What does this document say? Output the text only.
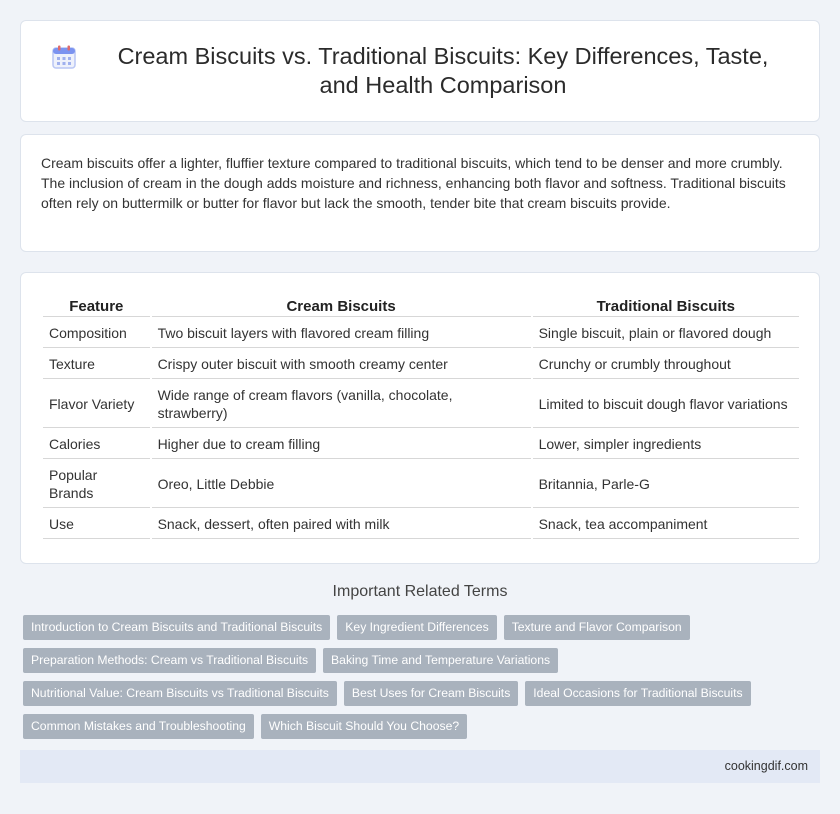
Cream Biscuits vs. Traditional Biscuits: Key Differences, Taste, and Health Comparison

Cream biscuits offer a lighter, fluffier texture compared to traditional biscuits, which tend to be denser and more crumbly. The inclusion of cream in the dough adds moisture and richness, enhancing both flavor and softness. Traditional biscuits often rely on buttermilk or butter for flavor but lack the smooth, tender bite that cream biscuits provide.

Feature	Cream Biscuits	Traditional Biscuits
Composition	Two biscuit layers with flavored cream filling	Single biscuit, plain or flavored dough
Texture	Crispy outer biscuit with smooth creamy center	Crunchy or crumbly throughout
Flavor Variety	Wide range of cream flavors (vanilla, chocolate, strawberry)	Limited to biscuit dough flavor variations
Calories	Higher due to cream filling	Lower, simpler ingredients
Popular Brands	Oreo, Little Debbie	Britannia, Parle-G
Use	Snack, dessert, often paired with milk	Snack, tea accompaniment
Important Related Terms
Introduction to Cream Biscuits and Traditional Biscuits	Key Ingredient Differences	Texture and Flavor Comparison
Preparation Methods: Cream vs Traditional Biscuits	Baking Time and Temperature Variations
Nutritional Value: Cream Biscuits vs Traditional Biscuits	Best Uses for Cream Biscuits	Ideal Occasions for Traditional Biscuits
Common Mistakes and Troubleshooting	Which Biscuit Should You Choose?
cookingdif.com
